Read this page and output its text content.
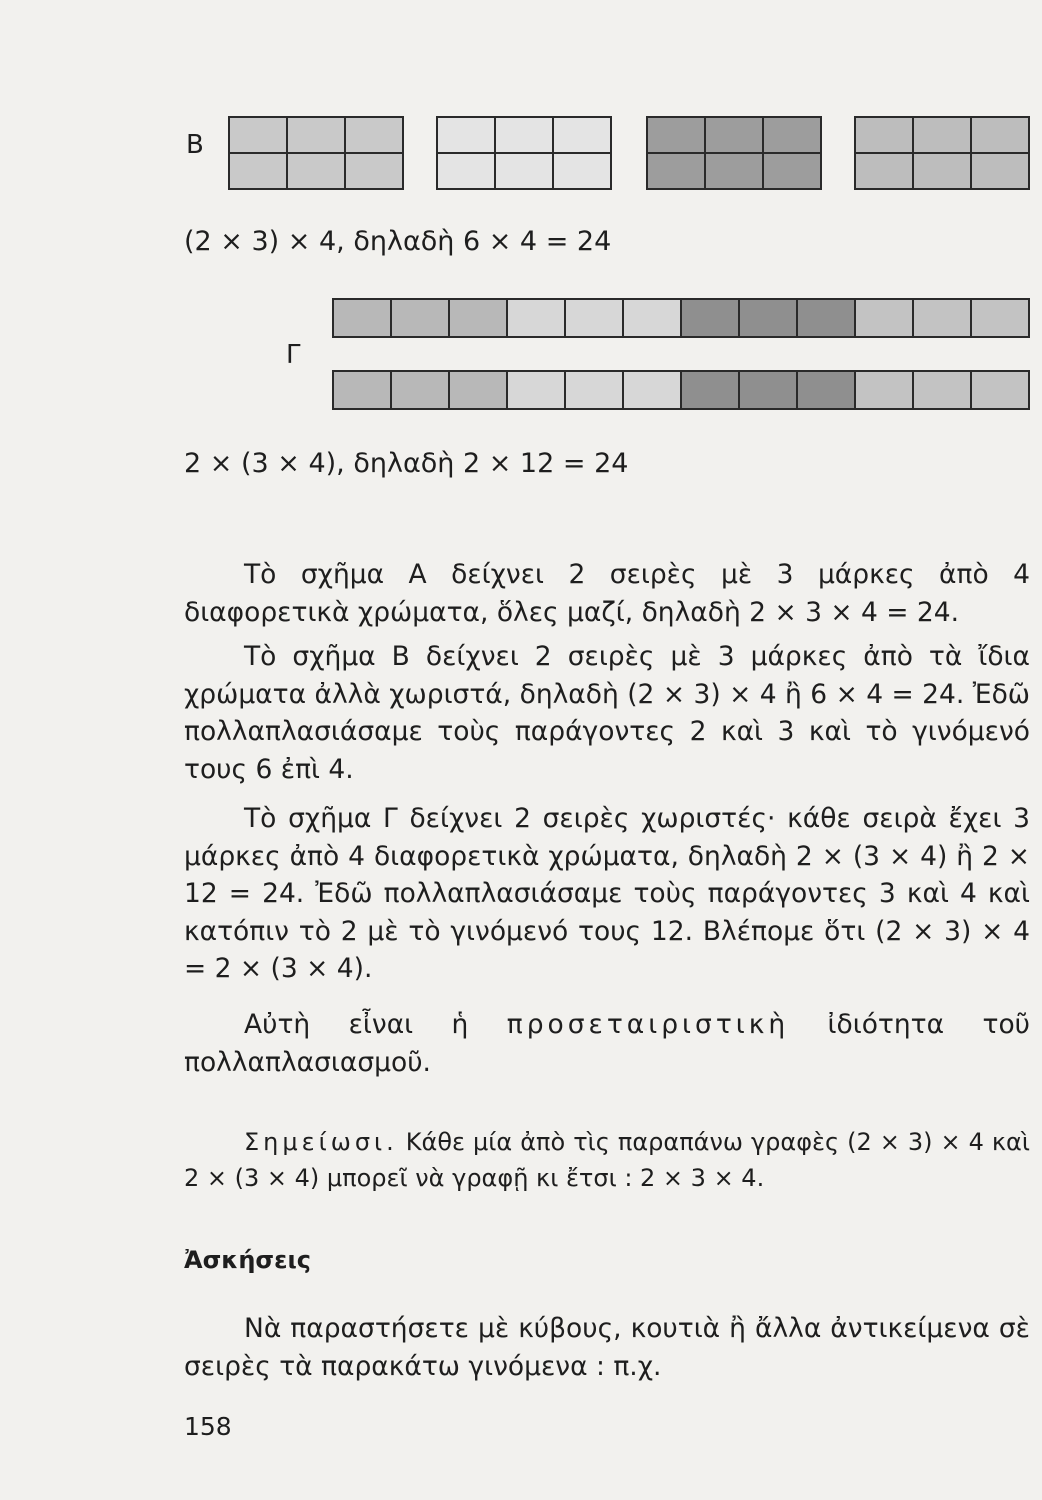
B
(2 × 3) × 4, δηλαδὴ 6 × 4 = 24
Γ
2 × (3 × 4), δηλαδὴ 2 × 12 = 24
Τὸ σχῆμα Α δείχνει 2 σειρὲς μὲ 3 μάρκες ἀπὸ 4 διαφορετικὰ χρώματα, ὅλες μαζί, δηλαδὴ 2 × 3 × 4 = 24.
Τὸ σχῆμα Β δείχνει 2 σειρὲς μὲ 3 μάρκες ἀπὸ τὰ ἴδια χρώματα ἀλλὰ χωριστά, δηλαδὴ (2 × 3) × 4 ἢ 6 × 4 = 24. Ἐδῶ πολλαπλασιάσαμε τοὺς παράγοντες 2 καὶ 3 καὶ τὸ γινόμενό τους 6 ἐπὶ 4.
Τὸ σχῆμα Γ δείχνει 2 σειρὲς χωριστές· κάθε σειρὰ ἔχει 3 μάρκες ἀπὸ 4 διαφορετικὰ χρώματα, δηλαδὴ 2 × (3 × 4) ἢ 2 × 12 = 24. Ἐδῶ πολλαπλασιάσαμε τοὺς παράγοντες 3 καὶ 4 καὶ κατόπιν τὸ 2 μὲ τὸ γινόμενό τους 12. Βλέπομε ὅτι (2 × 3) × 4 = 2 × (3 × 4).
Αὐτὴ εἶναι ἡ προσεταιριστικὴ ἰδιότητα τοῦ πολλαπλασιασμοῦ.
Σημείωσι. Κάθε μία ἀπὸ τὶς παραπάνω γραφὲς (2 × 3) × 4 καὶ 2 × (3 × 4) μπορεῖ νὰ γραφῇ κι ἔτσι : 2 × 3 × 4.
Ἀσκήσεις
Νὰ παραστήσετε μὲ κύβους, κουτιὰ ἢ ἄλλα ἀντικείμενα σὲ σειρὲς τὰ παρακάτω γινόμενα : π.χ.
158
